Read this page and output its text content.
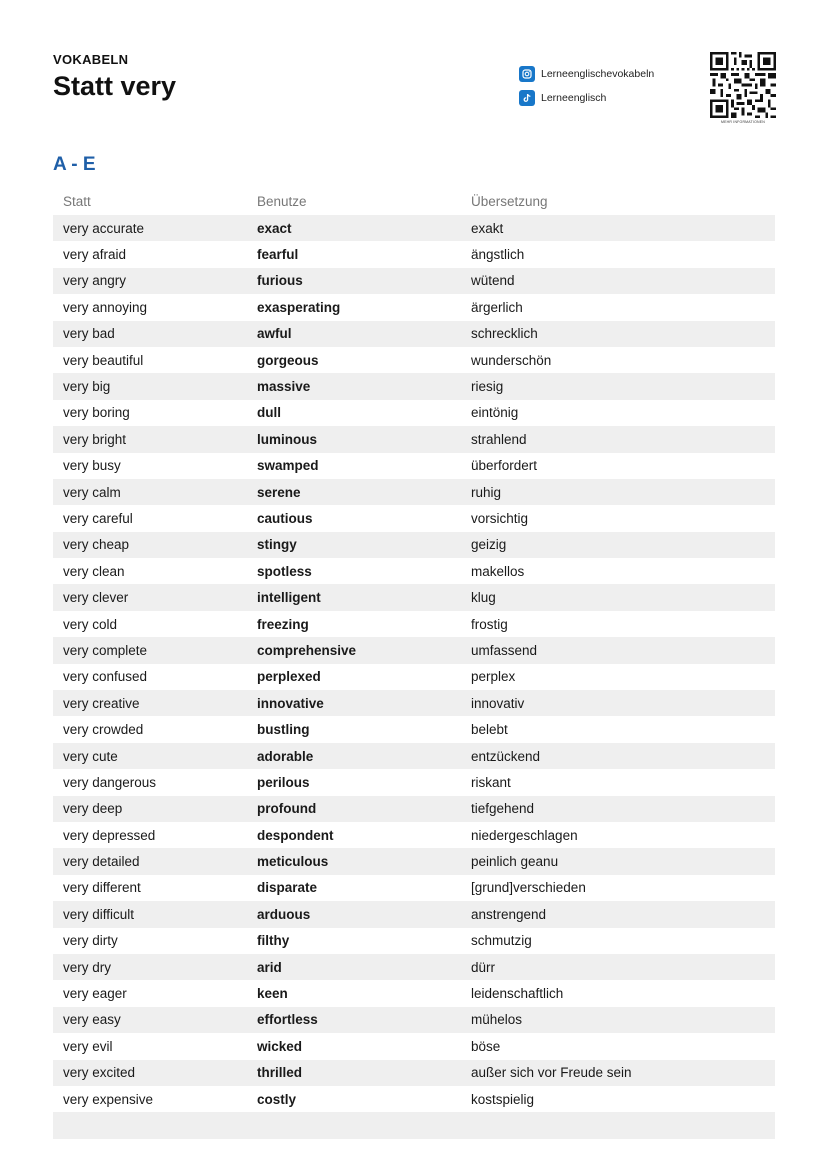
VOKABELN
Statt very	Lerneenglischevokabeln
Lerneenglisch
MEHR INFORMATIONEN
A - E
Statt	Benutze	Übersetzung
very accurate	exact	exakt
very afraid	fearful	ängstlich
very angry	furious	wütend
very annoying	exasperating	ärgerlich
very bad	awful	schrecklich
very beautiful	gorgeous	wunderschön
very big	massive	riesig
very boring	dull	eintönig
very bright	luminous	strahlend
very busy	swamped	überfordert
very calm	serene	ruhig
very careful	cautious	vorsichtig
very cheap	stingy	geizig
very clean	spotless	makellos
very clever	intelligent	klug
very cold	freezing	frostig
very complete	comprehensive	umfassend
very confused	perplexed	perplex
very creative	innovative	innovativ
very crowded	bustling	belebt
very cute	adorable	entzückend
very dangerous	perilous	riskant
very deep	profound	tiefgehend
very depressed	despondent	niedergeschlagen
very detailed	meticulous	peinlich geanu
very different	disparate	[grund]verschieden
very difficult	arduous	anstrengend
very dirty	filthy	schmutzig
very dry	arid	dürr
very eager	keen	leidenschaftlich
very easy	effortless	mühelos
very evil	wicked	böse
very excited	thrilled	außer sich vor Freude sein
very expensive	costly	kostspielig
